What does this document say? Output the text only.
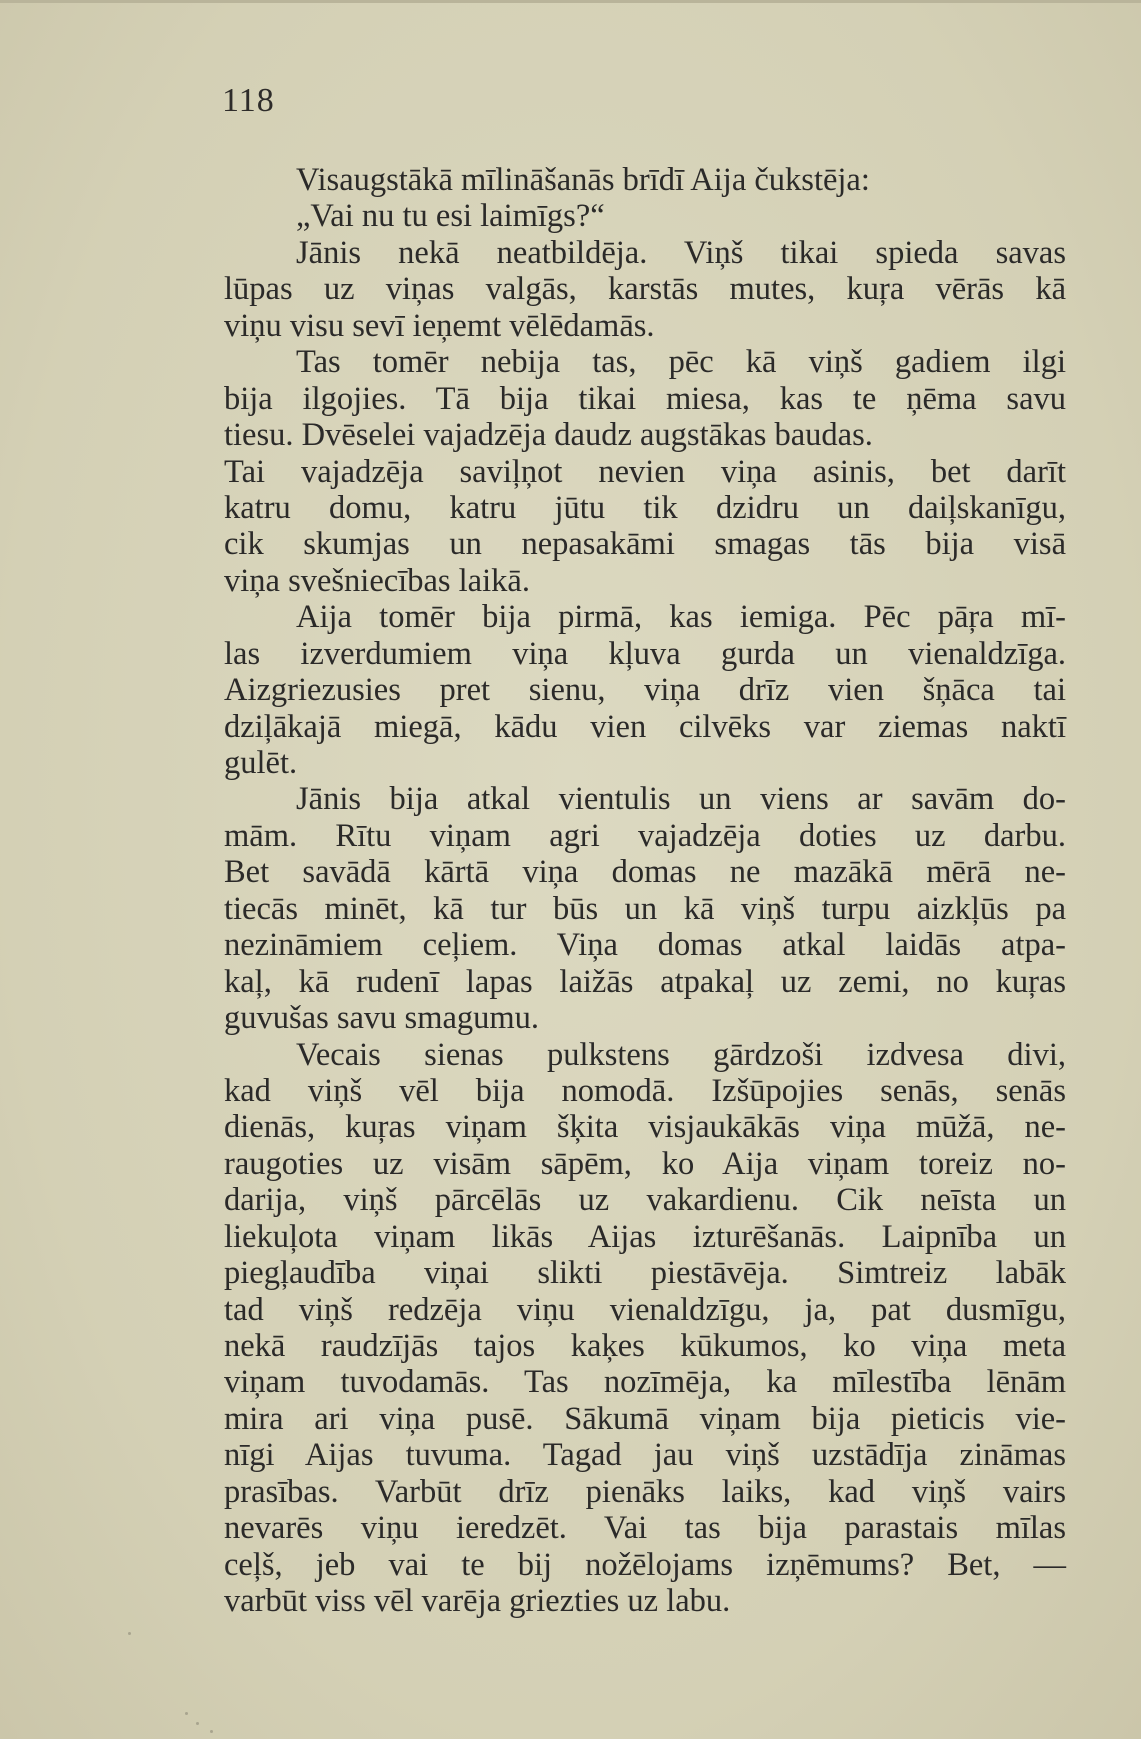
118
Visaugstākā mīlināšanās brīdī Aija čukstēja:
„Vai nu tu esi laimīgs?“
Jānis nekā neatbildēja. Viņš tikai spieda savas
lūpas uz viņas valgās, karstās mutes, kuŗa vērās kā
viņu visu sevī ieņemt vēlēdamās.
Tas tomēr nebija tas, pēc kā viņš gadiem ilgi
bija ilgojies. Tā bija tikai miesa, kas te ņēma savu
tiesu. Dvēselei vajadzēja daudz augstākas baudas.
Tai vajadzēja saviļņot nevien viņa asinis, bet darīt
katru domu, katru jūtu tik dzidru un daiļskanīgu,
cik skumjas un nepasakāmi smagas tās bija visā
viņa svešniecības laikā.
Aija tomēr bija pirmā, kas iemiga. Pēc pāŗa mī-
las izverdumiem viņa kļuva gurda un vienaldzīga.
Aizgriezusies pret sienu, viņa drīz vien šņāca tai
dziļākajā miegā, kādu vien cilvēks var ziemas naktī
gulēt.
Jānis bija atkal vientulis un viens ar savām do-
mām. Rītu viņam agri vajadzēja doties uz darbu.
Bet savādā kārtā viņa domas ne mazākā mērā ne-
tiecās minēt, kā tur būs un kā viņš turpu aizkļūs pa
nezināmiem ceļiem. Viņa domas atkal laidās atpa-
kaļ, kā rudenī lapas laižās atpakaļ uz zemi, no kuŗas
guvušas savu smagumu.
Vecais sienas pulkstens gārdzoši izdvesa divi,
kad viņš vēl bija nomodā. Izšūpojies senās, senās
dienās, kuŗas viņam šķita visjaukākās viņa mūžā, ne-
raugoties uz visām sāpēm, ko Aija viņam toreiz no-
darija, viņš pārcēlās uz vakardienu. Cik neīsta un
liekuļota viņam likās Aijas izturēšanās. Laipnība un
piegļaudība viņai slikti piestāvēja. Simtreiz labāk
tad viņš redzēja viņu vienaldzīgu, ja, pat dusmīgu,
nekā raudzījās tajos kaķes kūkumos, ko viņa meta
viņam tuvodamās. Tas nozīmēja, ka mīlestība lēnām
mira ari viņa pusē. Sākumā viņam bija pieticis vie-
nīgi Aijas tuvuma. Tagad jau viņš uzstādīja zināmas
prasības. Varbūt drīz pienāks laiks, kad viņš vairs
nevarēs viņu ieredzēt. Vai tas bija parastais mīlas
ceļš, jeb vai te bij nožēlojams izņēmums? Bet, —
varbūt viss vēl varēja griezties uz labu.
